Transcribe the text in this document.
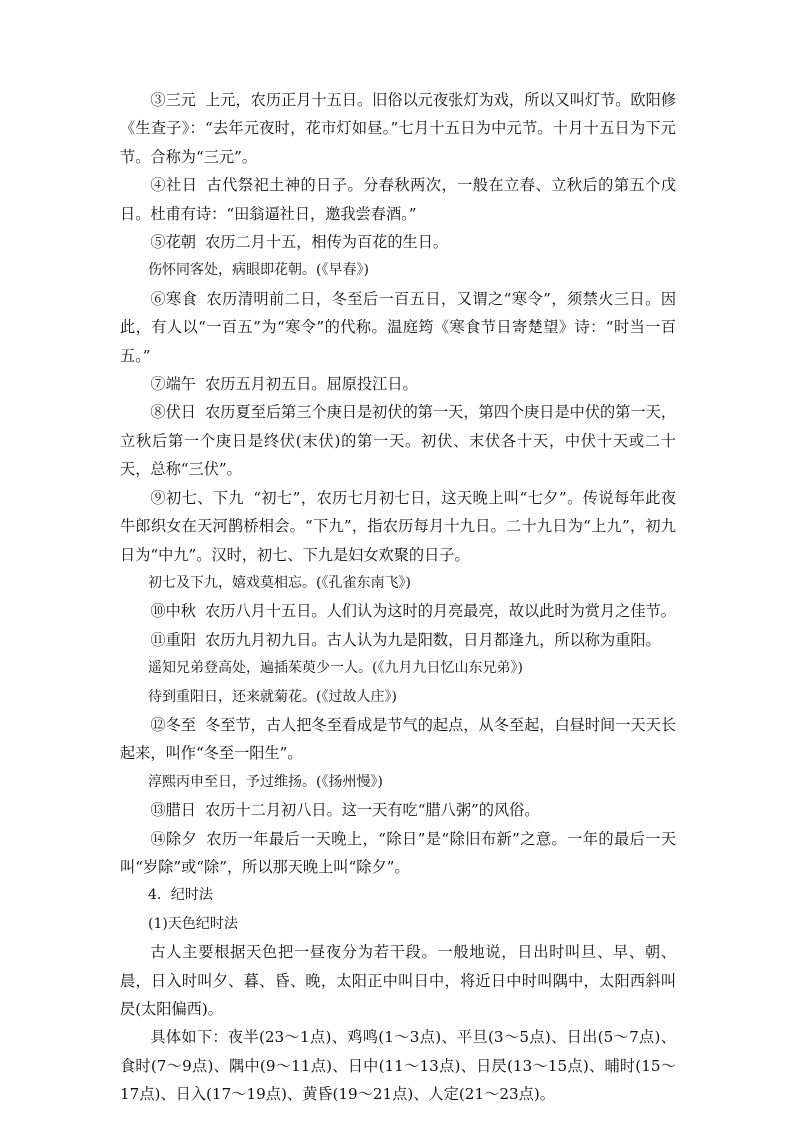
③三元 上元，农历正月十五日。旧俗以元夜张灯为戏，所以又叫灯节。欧阳修《生查子》：“去年元夜时，花市灯如昼。”七月十五日为中元节。十月十五日为下元节。合称为“三元”。

④社日 古代祭祀土神的日子。分春秋两次，一般在立春、立秋后的第五个戊日。杜甫有诗：“田翁逼社日，邀我尝春酒。”

⑤花朝 农历二月十五，相传为百花的生日。

伤怀同客处，病眼即花朝。(《早春》)

⑥寒食 农历清明前二日，冬至后一百五日，又谓之“寒令”，须禁火三日。因此，有人以“一百五”为“寒令”的代称。温庭筠《寒食节日寄楚望》诗：“时当一百五。”

⑦端午 农历五月初五日。屈原投江日。

⑧伏日 农历夏至后第三个庚日是初伏的第一天，第四个庚日是中伏的第一天，立秋后第一个庚日是终伏(末伏)的第一天。初伏、末伏各十天，中伏十天或二十天，总称“三伏”。

⑨初七、下九 “初七”，农历七月初七日，这天晚上叫“七夕”。传说每年此夜牛郎织女在天河鹊桥相会。“下九”，指农历每月十九日。二十九日为“上九”，初九日为“中九”。汉时，初七、下九是妇女欢聚的日子。

初七及下九，嬉戏莫相忘。(《孔雀东南飞》)

⑩中秋 农历八月十五日。人们认为这时的月亮最亮，故以此时为赏月之佳节。

⑪重阳 农历九月初九日。古人认为九是阳数，日月都逢九，所以称为重阳。

遥知兄弟登高处，遍插茱萸少一人。(《九月九日忆山东兄弟》)

待到重阳日，还来就菊花。(《过故人庄》)

⑫冬至 冬至节，古人把冬至看成是节气的起点，从冬至起，白昼时间一天天长起来，叫作“冬至一阳生”。

淳熙丙申至日，予过维扬。(《扬州慢》)

⑬腊日 农历十二月初八日。这一天有吃“腊八粥”的风俗。

⑭除夕 农历一年最后一天晚上，“除日”是“除旧布新”之意。一年的最后一天叫“岁除”或“除”，所以那天晚上叫“除夕”。

4．纪时法

(1)天色纪时法

古人主要根据天色把一昼夜分为若干段。一般地说，日出时叫旦、早、朝、晨，日入时叫夕、暮、昏、晚，太阳正中叫日中，将近日中时叫隅中，太阳西斜叫昃(太阳偏西)。

具体如下：夜半(23～1点)、鸡鸣(1～3点)、平旦(3～5点)、日出(5～7点)、食时(7～9点)、隅中(9～11点)、日中(11～13点)、日昃(13～15点)、晡时(15～17点)、日入(17～19点)、黄昏(19～21点)、人定(21～23点)。
